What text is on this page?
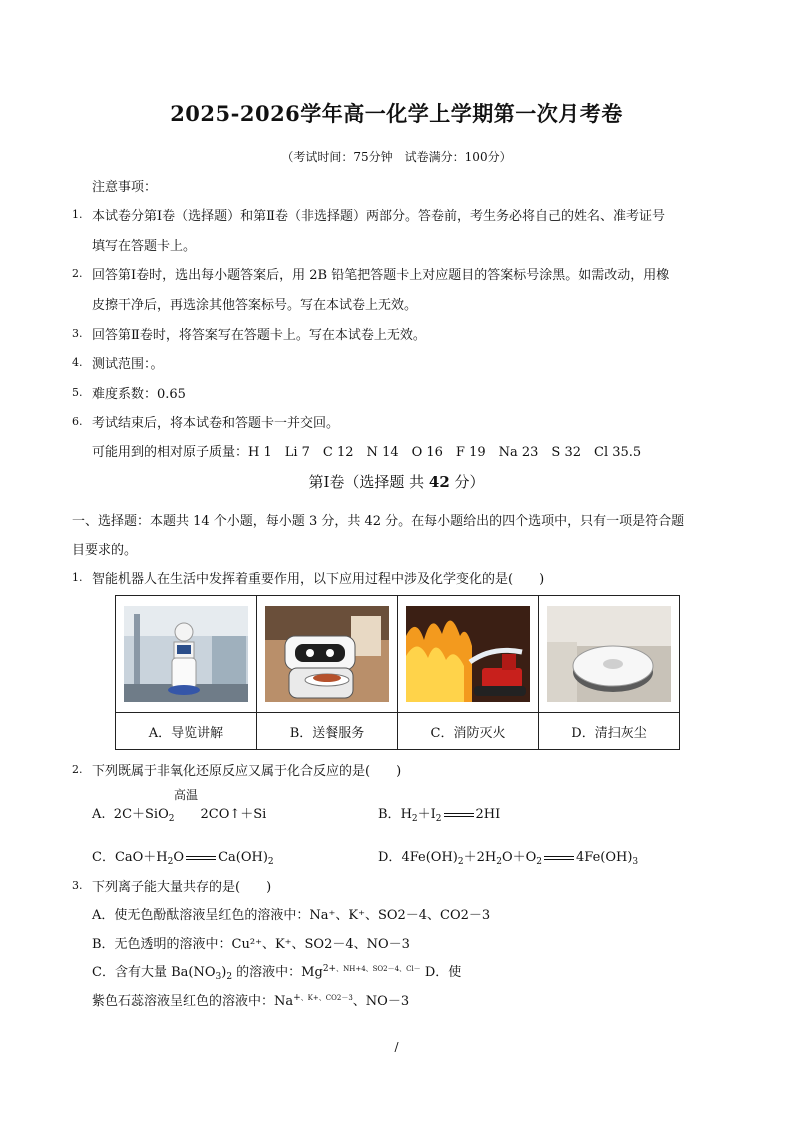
2025-2026学年高一化学上学期第一次月考卷
（考试时间：75分钟　试卷满分：100分）
注意事项：
1. 本试卷分第Ⅰ卷（选择题）和第Ⅱ卷（非选择题）两部分。答卷前，考生务必将自己的姓名、准考证号
填写在答题卡上。
2. 回答第Ⅰ卷时，选出每小题答案后，用 2B 铅笔把答题卡上对应题目的答案标号涂黑。如需改动，用橡
皮擦干净后，再选涂其他答案标号。写在本试卷上无效。
3. 回答第Ⅱ卷时，将答案写在答题卡上。写在本试卷上无效。
4. 测试范围：。
5. 难度系数：0.65
6. 考试结束后，将本试卷和答题卡一并交回。
可能用到的相对原子质量：H 1　Li 7　C 12　N 14　O 16　F 19　Na 23　S 32　Cl 35.5
第Ⅰ卷（选择题 共 42 分）
一、选择题：本题共 14 个小题，每小题 3 分，共 42 分。在每小题给出的四个选项中，只有一项是符合题
目要求的。
1. 智能机器人在生活中发挥着重要作用，以下应用过程中涉及化学变化的是(　　)

A．导览讲解	B．送餐服务	C．消防灭火	D．清扫灰尘
2. 下列既属于非氧化还原反应又属于化合反应的是(　　)
高温
A. 2C＋SiO$_2$ 2CO↑＋Si	B．$H_2+I_2$	2HI
C．$CaO+H_2O$	$Ca(OH)_2$	D．$4Fe(OH)_2+2H_2O+O_2$	$4Fe(OH)_3$
3. 下列离子能大量共存的是(　　)
A．使无色酚酞溶液呈红色的溶液中：Na⁺、K⁺、SO2－4、CO2－3
B．无色透明的溶液中：Cu²⁺、K⁺、SO2－4、NO－3
C．含有大量 $Ba(NO_3)_2$ 的溶液中：$Mg^{2+、NH+4、SO2-4、Cl-}$ D．使
紫色石蕊溶液呈红色的溶液中：$Na^{+、K+、CO2-3}$、NO－3
/
